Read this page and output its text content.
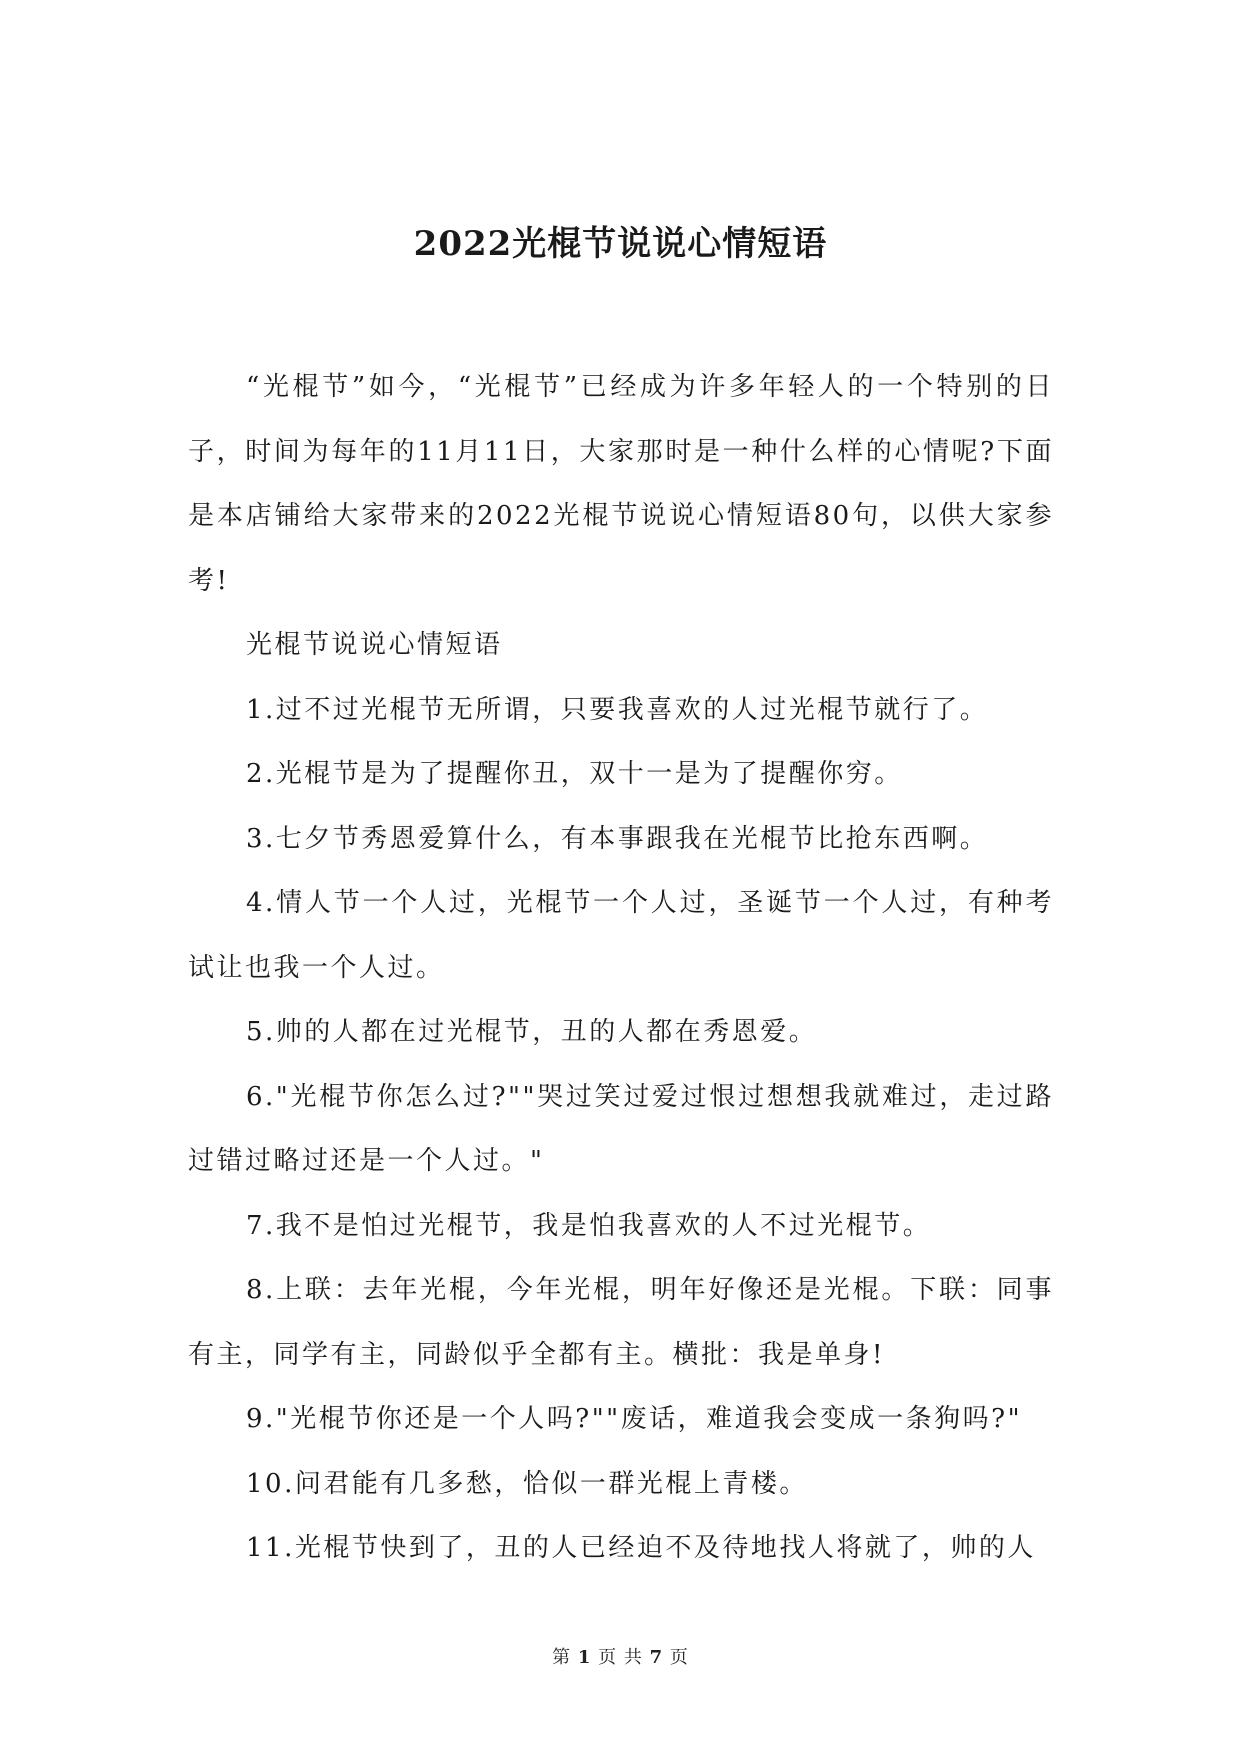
2022光棍节说说心情短语

“光棍节”如今，“光棍节”已经成为许多年轻人的一个特别的日子，时间为每年的11月11日，大家那时是一种什么样的心情呢?下面是本店铺给大家带来的2022光棍节说说心情短语80句，以供大家参考!

光棍节说说心情短语

1.过不过光棍节无所谓，只要我喜欢的人过光棍节就行了。

2.光棍节是为了提醒你丑，双十一是为了提醒你穷。

3.七夕节秀恩爱算什么，有本事跟我在光棍节比抢东西啊。

4.情人节一个人过，光棍节一个人过，圣诞节一个人过，有种考试让也我一个人过。

5.帅的人都在过光棍节，丑的人都在秀恩爱。

6."光棍节你怎么过?""哭过笑过爱过恨过想想我就难过，走过路过错过略过还是一个人过。"

7.我不是怕过光棍节，我是怕我喜欢的人不过光棍节。

8.上联：去年光棍，今年光棍，明年好像还是光棍。下联：同事有主，同学有主，同龄似乎全都有主。横批：我是单身!

9."光棍节你还是一个人吗?""废话，难道我会变成一条狗吗?"

10.问君能有几多愁，恰似一群光棍上青楼。

11.光棍节快到了，丑的人已经迫不及待地找人将就了，帅的人

第 1 页 共 7 页
